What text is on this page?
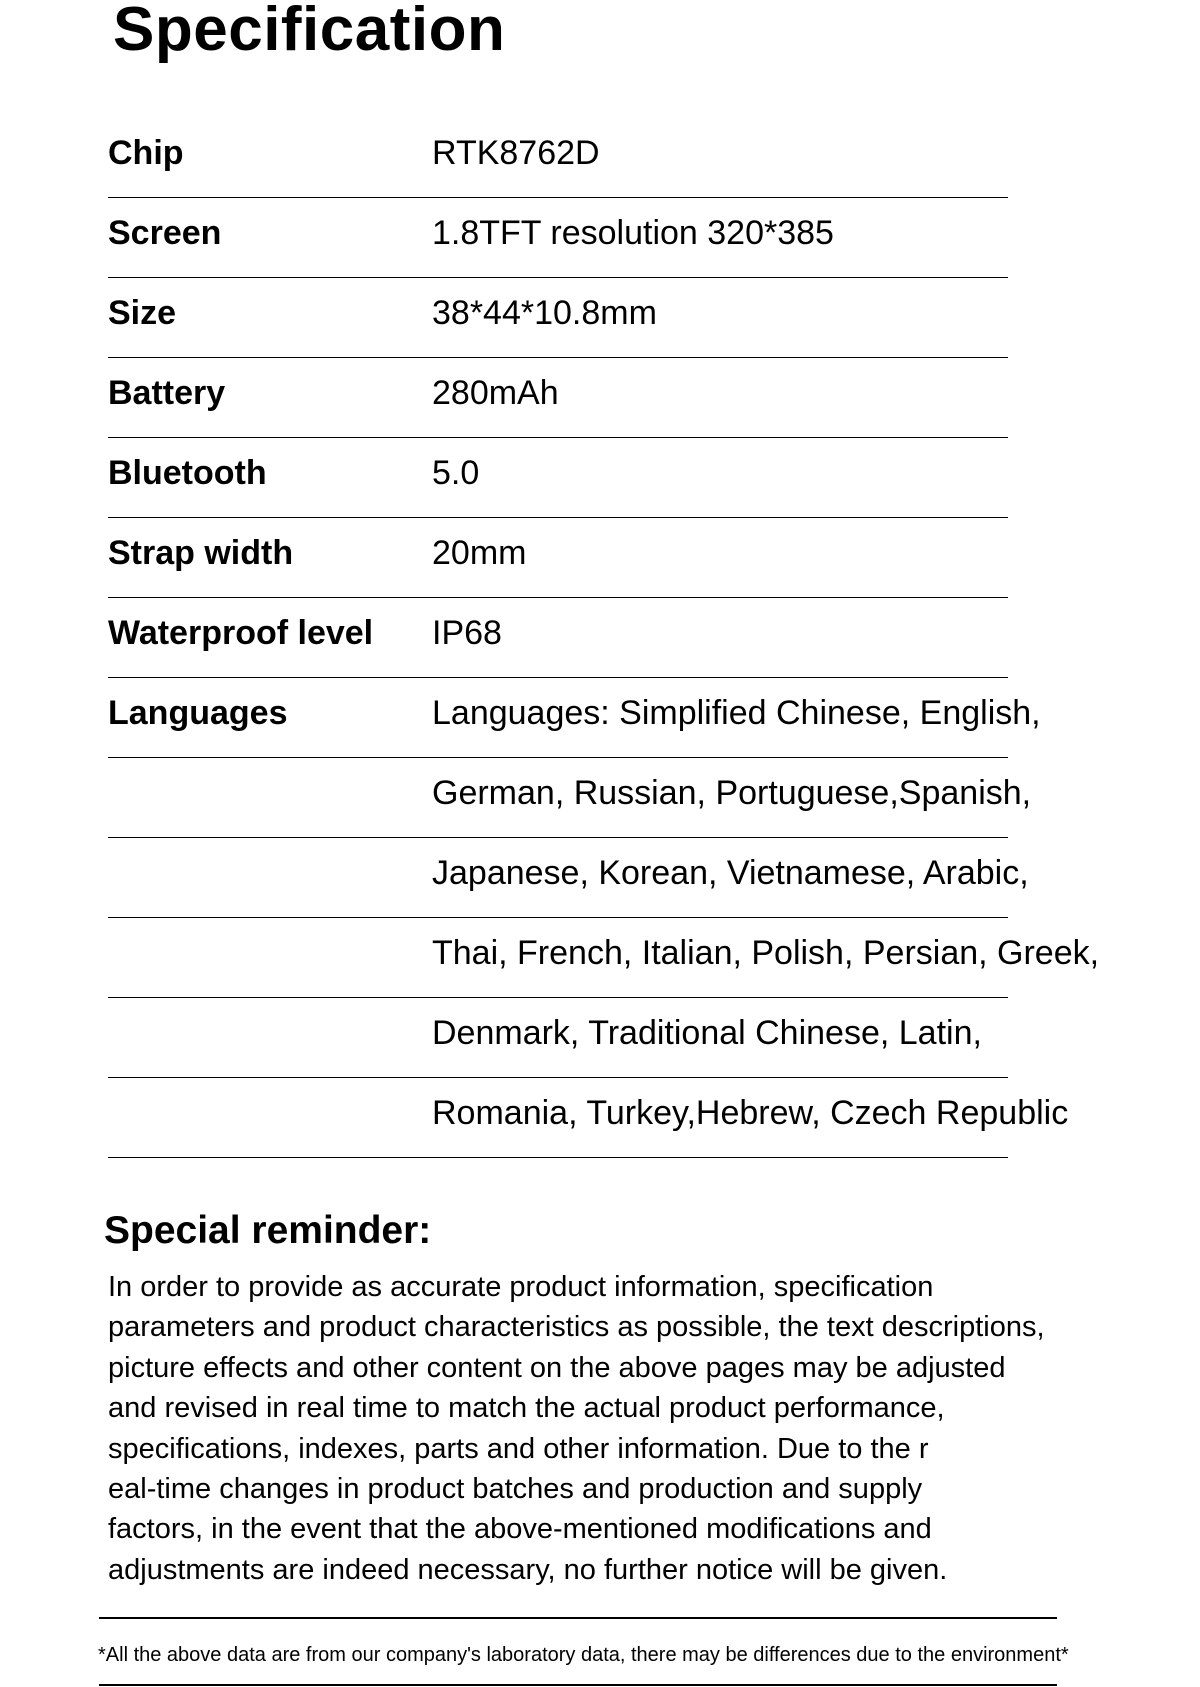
Specification
Chip	RTK8762D
Screen	1.8TFT resolution 320*385
Size	38*44*10.8mm
Battery	280mAh
Bluetooth	5.0
Strap width	20mm
Waterproof level IP68
Languages	Languages: Simplified Chinese, English,
German, Russian, Portuguese,Spanish,
Japanese, Korean, Vietnamese, Arabic,
Thai, French, Italian, Polish, Persian, Greek,
Denmark, Traditional Chinese, Latin,
Romania, Turkey,Hebrew, Czech Republic
Special reminder:
In order to provide as accurate product information, specification
parameters and product characteristics as possible, the text descriptions,
picture effects and other content on the above pages may be adjusted
and revised in real time to match the actual product performance,
specifications, indexes, parts and other information. Due to the r
eal-time changes in product batches and production and supply
factors, in the event that the above-mentioned modifications and
adjustments are indeed necessary, no further notice will be given.
*All the above data are from our company's laboratory data, there may be differences due to the environment*
